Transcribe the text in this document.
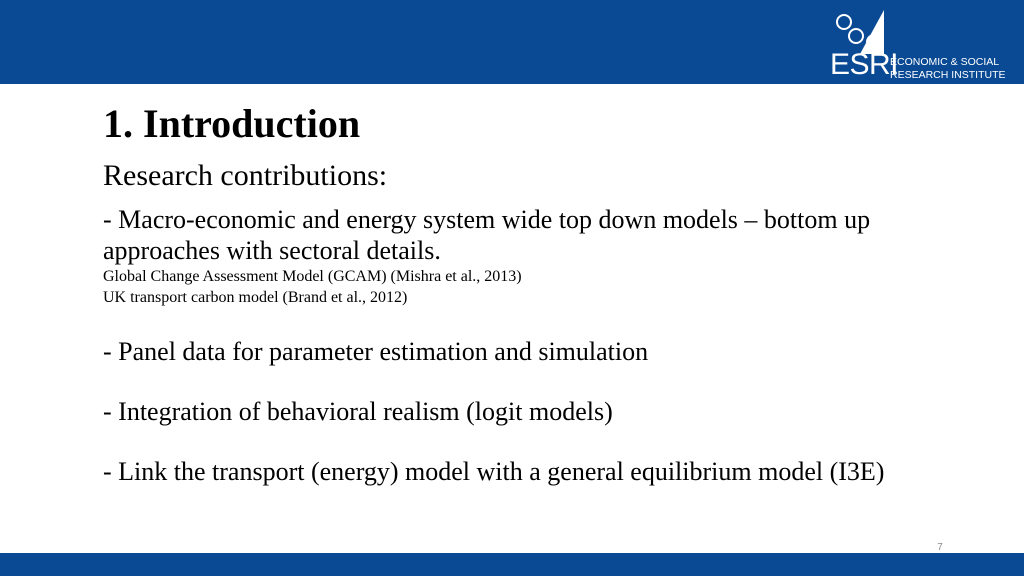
ESRI
ECONOMIC & SOCIAL
RESEARCH INSTITUTE
1. Introduction

Research contributions:

- Macro-economic and energy system wide top down models – bottom up approaches with sectoral details.

Global Change Assessment Model (GCAM) (Mishra et al., 2013)

UK transport carbon model (Brand et al., 2012)

- Panel data for parameter estimation and simulation

- Integration of behavioral realism (logit models)

- Link the transport (energy) model with a general equilibrium model (I3E)

7
